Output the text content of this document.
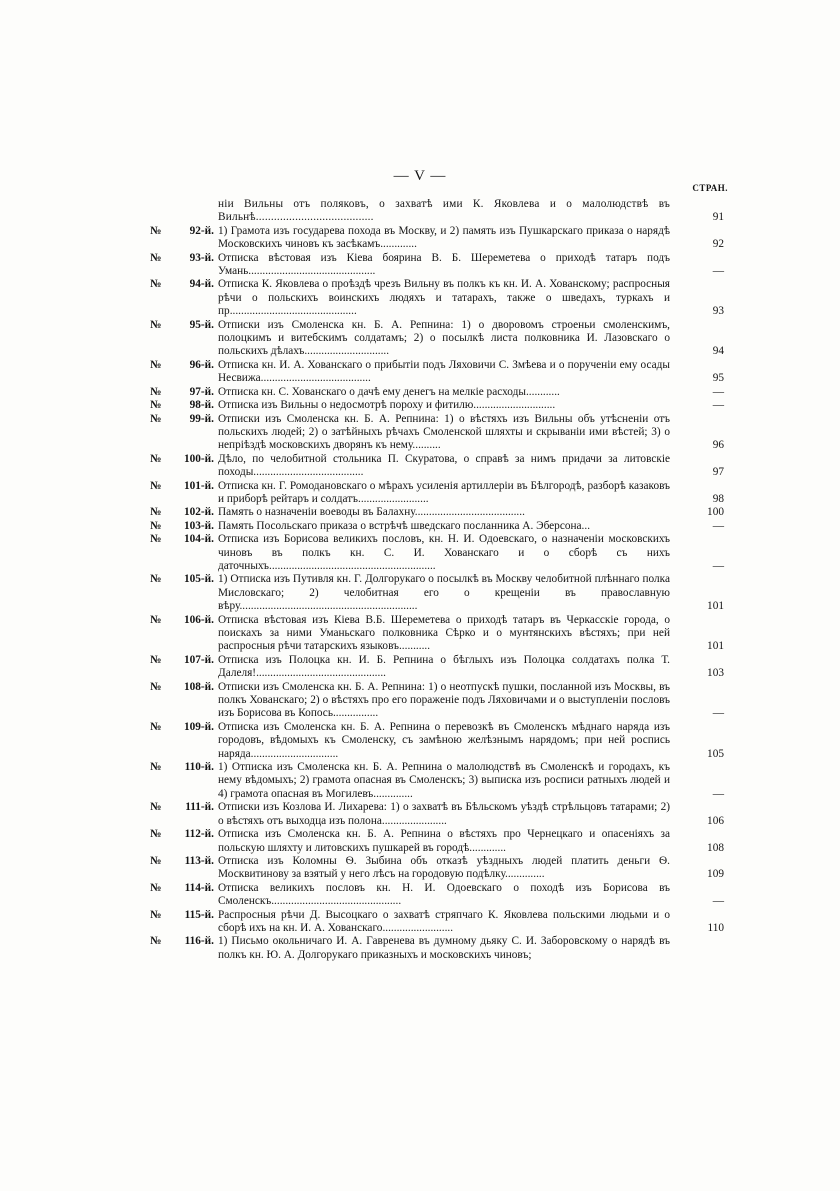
— V —
СТРАН.
ніи Вильны отъ поляковъ, о захватѣ ими К. Яковлева и о малолюдствѣ въ Вильнѣ.......................................	91
№	92-й. 1) Грамота изъ государева похода въ Москву, и 2) память изъ Пушкарскаго приказа о нарядѣ Московскихъ чиновъ къ засѣкамъ.............	92
№	93-й. Отписка вѣстовая изъ Кіева боярина В. Б. Шереметева о приходѣ татаръ подъ Умань.............................................	—
№	94-й. Отписка К. Яковлева о проѣздѣ чрезъ Вильну въ полкъ къ кн. И. А. Хованскому; распросныя рѣчи о польскихъ воинскихъ людяхъ и татарахъ, также о шведахъ, туркахъ и пр.............................................	93
№	95-й. Отписки изъ Смоленска кн. Б. А. Репнина: 1) о дворовомъ строеньи смоленскимъ, полоцкимъ и витебскимъ солдатамъ; 2) о посылкѣ листа полковника И. Лазовскаго о польскихъ дѣлахъ..............................	94
№	96-й. Отписка кн. И. А. Хованскаго о прибытіи подъ Ляховичи С. Змѣева и о порученіи ему осады Несвижа.......................................	95
№	97-й. Отписка кн. С. Хованскаго о дачѣ ему денегъ на мелкіе расходы............	—
№	98-й. Отписка изъ Вильны о недосмотрѣ пороху и фитилю.............................	—
№	99-й. Отписки изъ Смоленска кн. Б. А. Репнина: 1) о вѣстяхъ изъ Вильны объ утѣсненіи отъ польскихъ людей; 2) о затѣйныхъ рѣчахъ Смоленской шляхты и скрываніи ими вѣстей; 3) о непріѣздѣ московскихъ дворянъ къ нему..........	96
№	100-й. Дѣло, по челобитной стольника П. Скуратова, о справѣ за нимъ придачи за литовскіе походы.......................................	97
№	101-й. Отписка кн. Г. Ромодановскаго о мѣрахъ усиленія артиллеріи въ Бѣлгородѣ, разборѣ казаковъ и приборѣ рейтаръ и солдатъ.........................	98
№	102-й. Память о назначеніи воеводы въ Балахну.......................................	100
№	103-й. Память Посольскаго приказа о встрѣчѣ шведскаго посланника А. Эберсона...	—
№	104-й. Отписка изъ Борисова великихъ пословъ, кн. Н. И. Одоевскаго, о назначеніи московскихъ чиновъ въ полкъ кн. С. И. Хованскаго и о сборѣ съ нихъ даточныхъ...........................................................	—
№	105-й. 1) Отписка изъ Путивля кн. Г. Долгорукаго о посылкѣ въ Москву челобитной плѣннаго полка Мисловскаго; 2) челобитная его о крещеніи въ православную вѣру...............................................................	101
№	106-й. Отписка вѣстовая изъ Кіева В.Б. Шереметева о приходѣ татаръ въ Черкасскіе города, о поискахъ за ними Уманьскаго полковника Сѣрко и о мунтянскихъ вѣстяхъ; при ней распросныя рѣчи татарскихъ языковъ...........	101
№	107-й. Отписка изъ Полоцка кн. И. Б. Репнина о бѣглыхъ изъ Полоцка солдатахъ полка Т. Далеля!..............................................	103
№	108-й. Отписки изъ Смоленска кн. Б. А. Репнина: 1) о неотпускѣ пушки, посланной изъ Москвы, въ полкъ Хованскаго; 2) о вѣстяхъ про его пораженіе подъ Ляховичами и о выступленіи пословъ изъ Борисова въ Копось................	—
№	109-й. Отписка изъ Смоленска кн. Б. А. Репнина о перевозкѣ въ Смоленскъ мѣднаго наряда изъ городовъ, вѣдомыхъ къ Смоленску, съ замѣною желѣзнымъ нарядомъ; при ней роспись наряда...............................	105
№	110-й. 1) Отписка изъ Смоленска кн. Б. А. Репнина о малолюдствѣ въ Смоленскѣ и городахъ, къ нему вѣдомыхъ; 2) грамота опасная въ Смоленскъ; 3) выписка изъ росписи ратныхъ людей и 4) грамота опасная въ Могилевъ..............	—
№	111-й. Отписки изъ Козлова И. Лихарева: 1) о захватѣ въ Бѣльскомъ уѣздѣ стрѣльцовъ татарами; 2) о вѣстяхъ отъ выходца изъ полона.......................	106
№	112-й. Отписка изъ Смоленска кн. Б. А. Репнина о вѣстяхъ про Чернецкаго и опасеніяхъ за польскую шляхту и литовскихъ пушкарей въ городѣ.............	108
№	113-й. Отписка изъ Коломны Ѳ. Зыбина объ отказѣ уѣздныхъ людей платить деньги Ѳ. Москвитинову за взятый у него лѣсъ на городовую подѣлку..............	109
№	114-й. Отписка великихъ пословъ кн. Н. И. Одоевскаго о походѣ изъ Борисова въ Смоленскъ..............................................	—
№	115-й. Распросныя рѣчи Д. Высоцкаго о захватѣ стряпчаго К. Яковлева польскими людьми и о сборѣ ихъ на кн. И. А. Хованскаго.........................	110
№	116-й. 1) Письмо окольничаго И. А. Гавренева въ думному дьяку С. И. Заборовскому о нарядѣ въ полкъ кн. Ю. А. Долгорукаго приказныхъ и московскихъ чиновъ;
